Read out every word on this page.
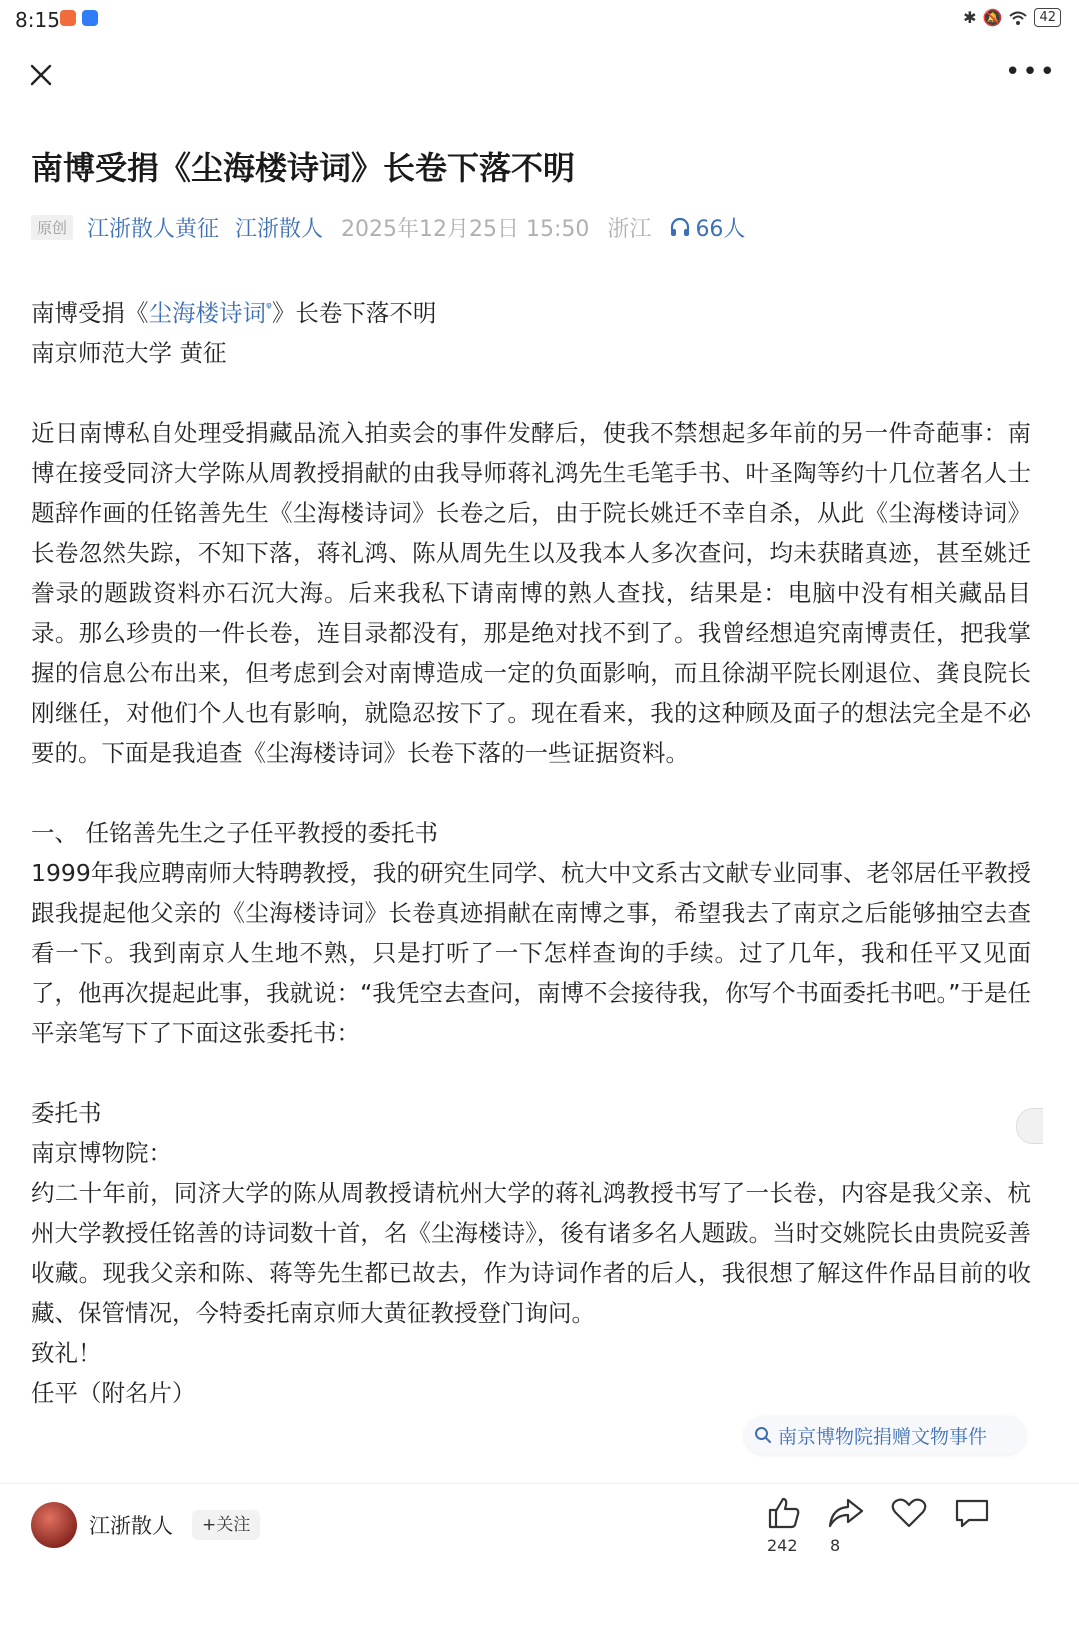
8:15	✱ 🔕	42
•••
南博受捐《尘海楼诗词》长卷下落不明
原创 江浙散人黄征 江浙散人 2025年12月25日 15:50 浙江 66人

南博受捐《尘海楼诗词$^ᵠ$》长卷下落不明

南京师范大学 黄征

近日南博私自处理受捐藏品流入拍卖会的事件发酵后，使我不禁想起多年前的另一件奇葩事：南博在接受同济大学陈从周教授捐献的由我导师蒋礼鸿先生毛笔手书、叶圣陶等约十几位著名人士题辞作画的任铭善先生《尘海楼诗词》长卷之后，由于院长姚迁不幸自杀，从此《尘海楼诗词》长卷忽然失踪，不知下落，蒋礼鸿、陈从周先生以及我本人多次查问，均未获睹真迹，甚至姚迁誊录的题跋资料亦石沉大海。后来我私下请南博的熟人查找，结果是：电脑中没有相关藏品目录。那么珍贵的一件长卷，连目录都没有，那是绝对找不到了。我曾经想追究南博责任，把我掌握的信息公布出来，但考虑到会对南博造成一定的负面影响，而且徐湖平院长刚退位、龚良院长刚继任，对他们个人也有影响，就隐忍按下了。现在看来，我的这种顾及面子的想法完全是不必要的。下面是我追查《尘海楼诗词》长卷下落的一些证据资料。

一、 任铭善先生之子任平教授的委托书

1999年我应聘南师大特聘教授，我的研究生同学、杭大中文系古文献专业同事、老邻居任平教授跟我提起他父亲的《尘海楼诗词》长卷真迹捐献在南博之事，希望我去了南京之后能够抽空去查看一下。我到南京人生地不熟，只是打听了一下怎样查询的手续。过了几年，我和任平又见面了，他再次提起此事，我就说：“我凭空去查问，南博不会接待我，你写个书面委托书吧。”于是任平亲笔写下了下面这张委托书：

委托书

南京博物院：

约二十年前，同济大学的陈从周教授请杭州大学的蒋礼鸿教授书写了一长卷，内容是我父亲、杭州大学教授任铭善的诗词数十首，名《尘海楼诗》，後有诸多名人题跋。当时交姚院长由贵院妥善收藏。现我父亲和陈、蒋等先生都已故去，作为诗词作者的后人，我很想了解这件作品目前的收藏、保管情况，今特委托南京师大黄征教授登门询问。

致礼！

任平（附名片）

南京博物院捐赠文物事件
江浙散人	+关注
242 8
